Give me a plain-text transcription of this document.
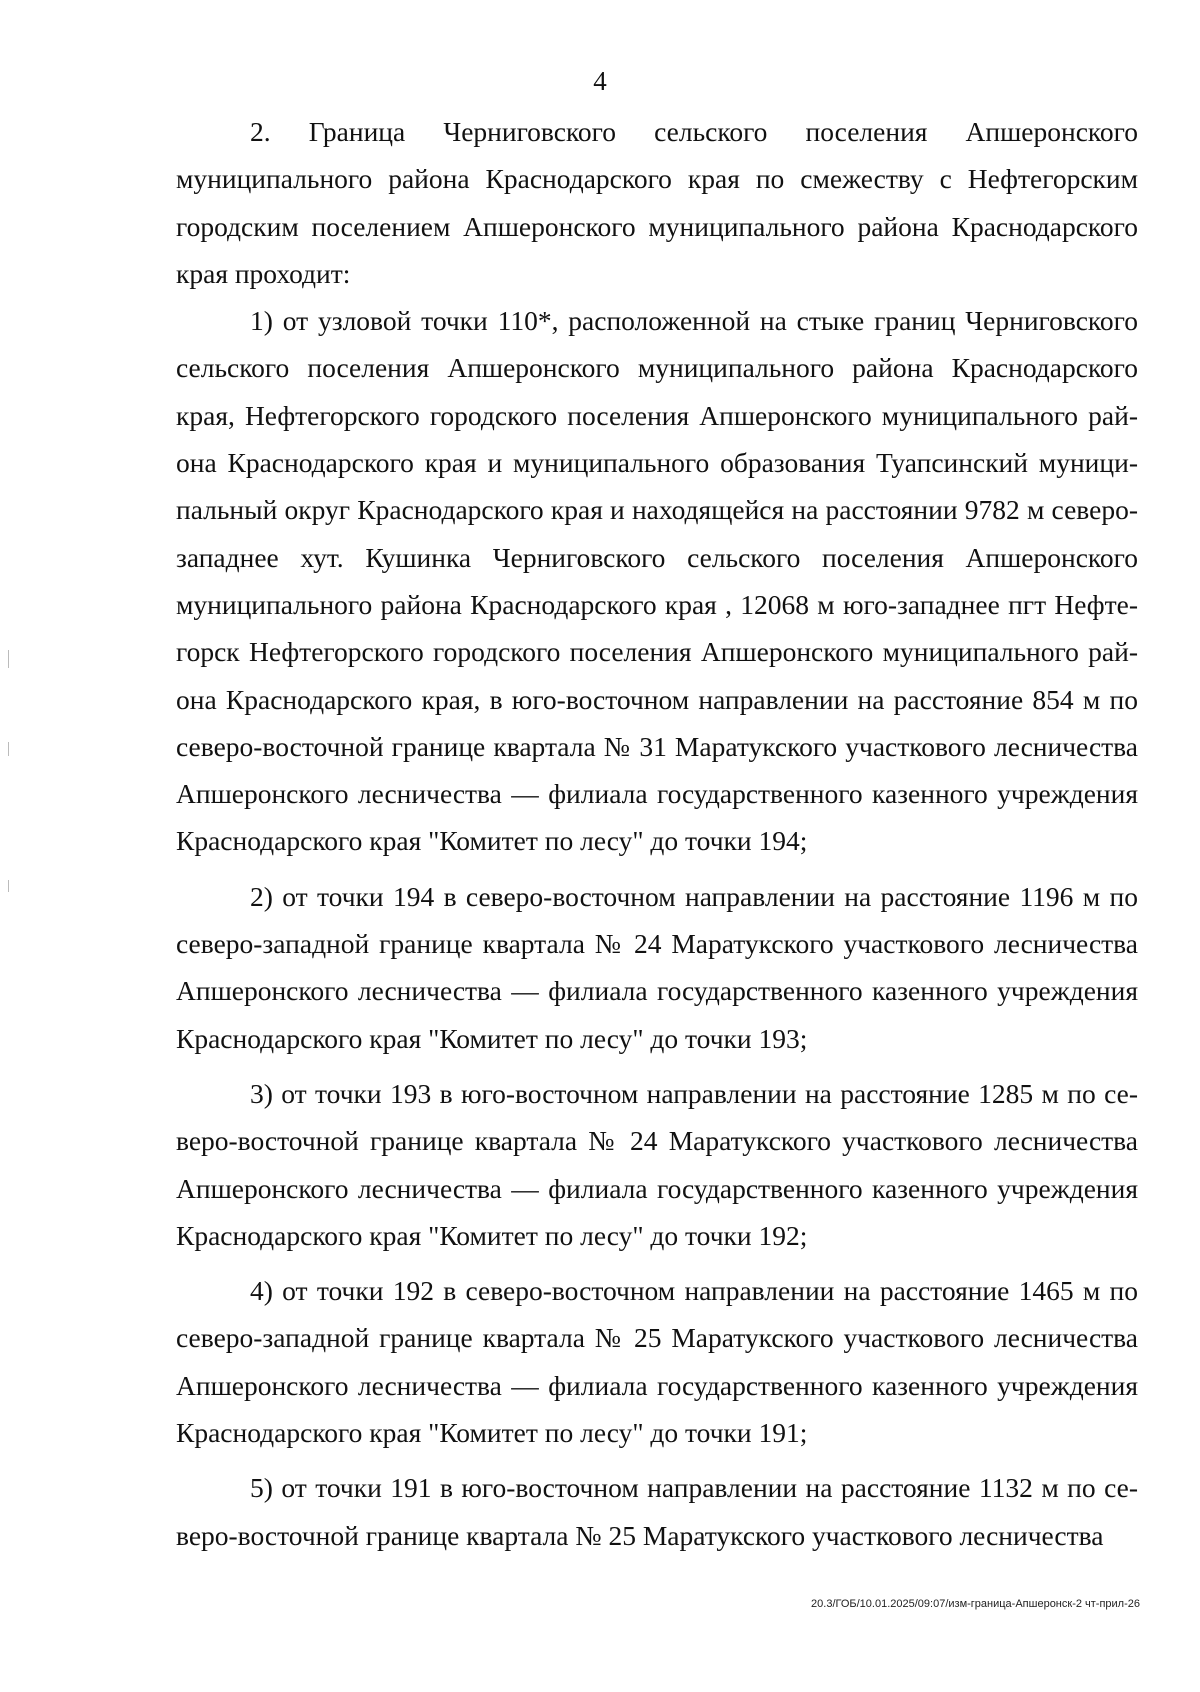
4

2. Граница Черниговского сельского поселения Апшеронского муниципального района Краснодарского края по смежеству с Нефтегорским городским поселением Апшеронского муниципального района Краснодарского края проходит:

1) от узловой точки 110*, расположенной на стыке границ Черниговского сельского поселения Апшеронского муниципального района Краснодарского края, Нефтегорского городского поселения Апшеронского муниципального района Краснодарского края и муниципального образования Туапсинский муниципальный округ Краснодарского края и находящейся на расстоянии 9782 м северо-западнее хут. Кушинка Черниговского сельского поселения Апшеронского муниципального района Краснодарского края , 12068 м юго-западнее пгт Нефтегорск Нефтегорского городского поселения Апшеронского муниципального района Краснодарского края, в юго-восточном направлении на расстояние 854 м по северо-восточной границе квартала № 31 Маратукского участкового лесничества Апшеронского лесничества — филиала государственного казенного учреждения Краснодарского края "Комитет по лесу" до точки 194;

2) от точки 194 в северо-восточном направлении на расстояние 1196 м по северо-западной границе квартала № 24 Маратукского участкового лесничества Апшеронского лесничества — филиала государственного казенного учреждения Краснодарского края "Комитет по лесу" до точки 193;

3) от точки 193 в юго-восточном направлении на расстояние 1285 м по северо-восточной границе квартала № 24 Маратукского участкового лесничества Апшеронского лесничества — филиала государственного казенного учреждения Краснодарского края "Комитет по лесу" до точки 192;

4) от точки 192 в северо-восточном направлении на расстояние 1465 м по северо-западной границе квартала № 25 Маратукского участкового лесничества Апшеронского лесничества — филиала государственного казенного учреждения Краснодарского края "Комитет по лесу" до точки 191;

5) от точки 191 в юго-восточном направлении на расстояние 1132 м по северо-восточной границе квартала № 25 Маратукского участкового лесничества

20.3/ГОБ/10.01.2025/09:07/изм-граница-Апшеронск-2 чт-прил-26
